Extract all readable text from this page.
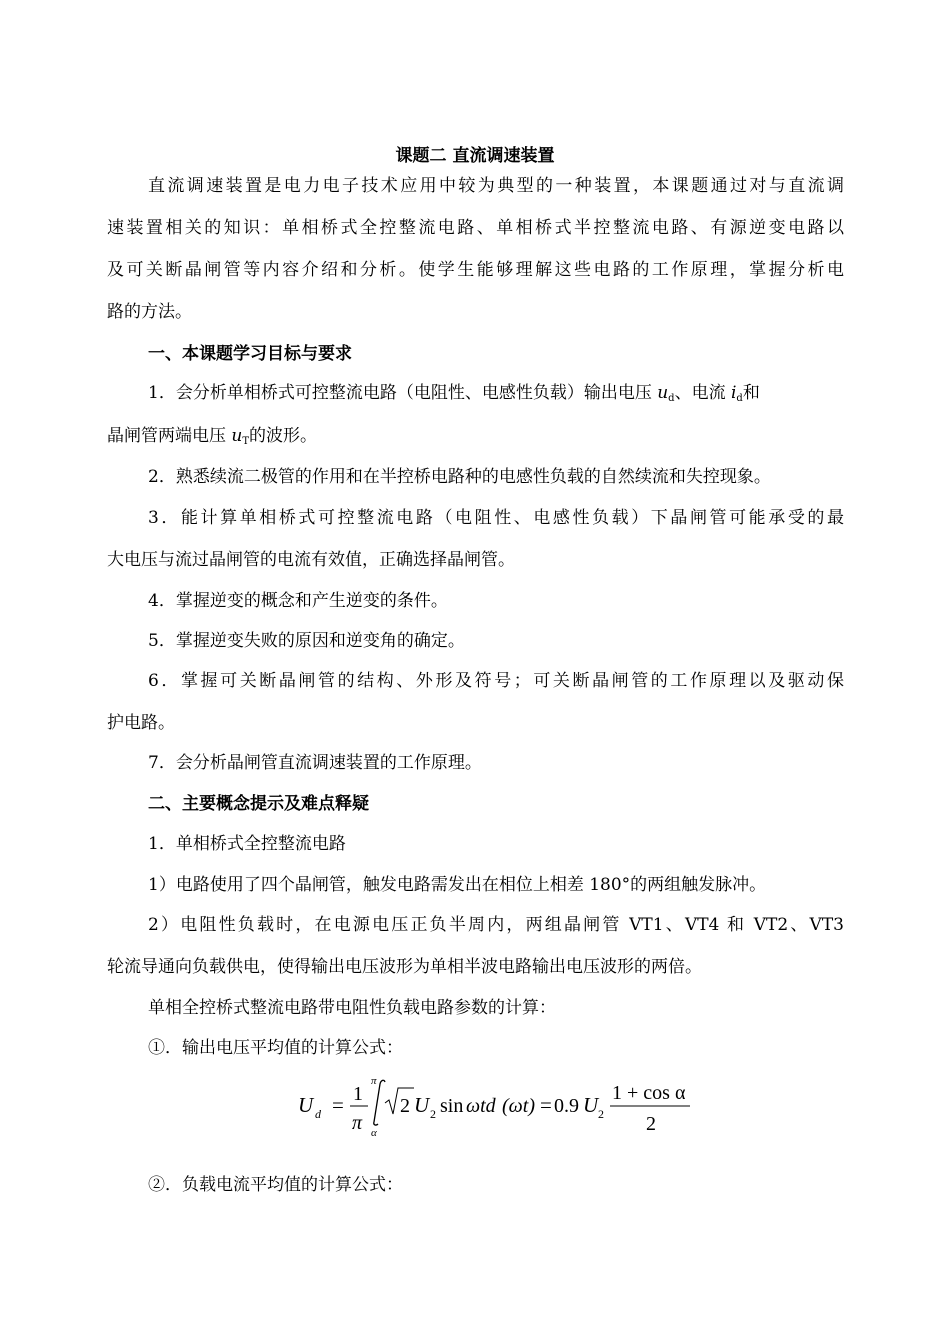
课题二 直流调速装置
直流调速装置是电力电子技术应用中较为典型的一种装置，本课题通过对与直流调
速装置相关的知识：单相桥式全控整流电路、单相桥式半控整流电路、有源逆变电路以
及可关断晶闸管等内容介绍和分析。使学生能够理解这些电路的工作原理，掌握分析电
路的方法。
一、本课题学习目标与要求
1．会分析单相桥式可控整流电路（电阻性、电感性负载）输出电压 $u_d$、电流 $i_d$和
晶闸管两端电压 $u_T$的波形。
2．熟悉续流二极管的作用和在半控桥电路种的电感性负载的自然续流和失控现象。
3．能计算单相桥式可控整流电路（电阻性、电感性负载）下晶闸管可能承受的最
大电压与流过晶闸管的电流有效值，正确选择晶闸管。
4．掌握逆变的概念和产生逆变的条件。
5．掌握逆变失败的原因和逆变角的确定。
6．掌握可关断晶闸管的结构、外形及符号；可关断晶闸管的工作原理以及驱动保
护电路。
7．会分析晶闸管直流调速装置的工作原理。
二、主要概念提示及难点释疑
1．单相桥式全控整流电路
1）电路使用了四个晶闸管，触发电路需发出在相位上相差 180°的两组触发脉冲。
2）电阻性负载时，在电源电压正负半周内，两组晶闸管 VT1、VT4 和 VT2、VT3
轮流导通向负载供电，使得输出电压波形为单相半波电路输出电压波形的两倍。
单相全控桥式整流电路带电阻性负载电路参数的计算：
①．输出电压平均值的计算公式：
U d = 1
π
π
α
2 U 2 sin ωtd (ωt) = 0.9 U 2
1 + cos α
2
②．负载电流平均值的计算公式：
